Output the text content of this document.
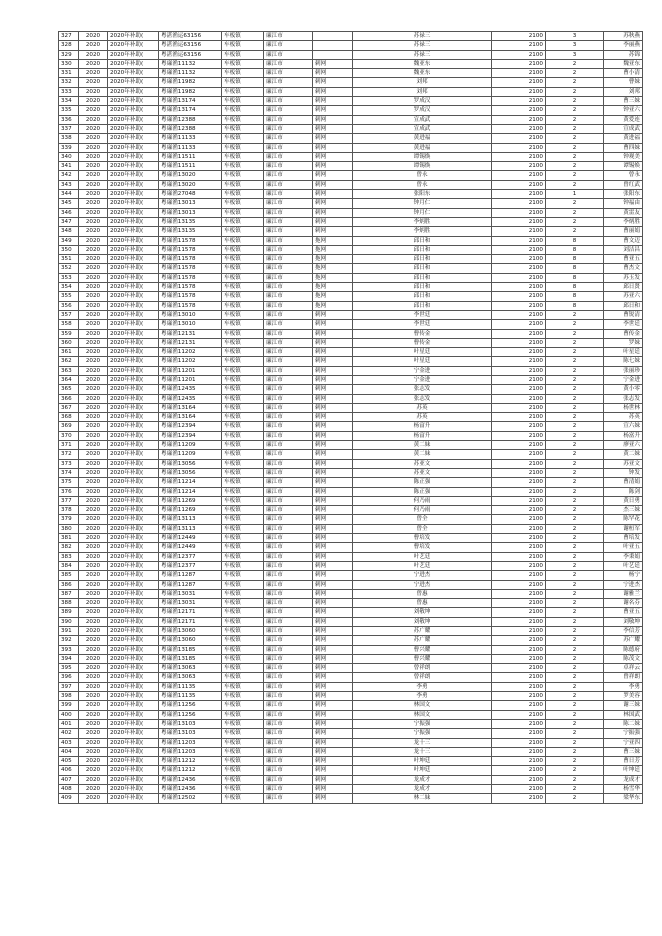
327	2020	2020年补助(	粤湛渔运63156	车板镇	廉江市		苏禄三	2100	3	苏秋燕
328	2020	2020年补助(	粤湛渔运63156	车板镇	廉江市		苏禄三	2100	3	李丽燕
329	2020	2020年补助(	粤湛渔运63156	车板镇	廉江市		苏禄三	2100	3	苏锦
330	2020	2020年补助(	粤廉渔11132	车板镇	廉江市	刺网	魏亚东	2100	2	魏亚东
331	2020	2020年补助(	粤廉渔11132	车板镇	廉江市	刺网	魏亚东	2100	2	曹小清
332	2020	2020年补助(	粤廉渔11982	车板镇	廉江市	刺网	刘邦	2100	2	曹妹
333	2020	2020年补助(	粤廉渔11982	车板镇	廉江市	刺网	刘邦	2100	2	刘邦
334	2020	2020年补助(	粤廉渔13174	车板镇	廉江市	刺网	罗成汉	2100	2	曹三妹
335	2020	2020年补助(	粤廉渔13174	车板镇	廉江市	刺网	罗成汉	2100	2	钟亚六
336	2020	2020年补助(	粤廉渔12388	车板镇	廉江市	刺网	宣成武	2100	2	黄爱连
337	2020	2020年补助(	粤廉渔12388	车板镇	廉江市	刺网	宣成武	2100	2	宣成武
338	2020	2020年补助(	粤廉渔11133	车板镇	廉江市	刺网	黄进福	2100	2	黄进福
339	2020	2020年补助(	粤廉渔11133	车板镇	廉江市	刺网	黄进福	2100	2	曹四妹
340	2020	2020年补助(	粤廉渔11511	车板镇	廉江市	刺网	谭锡焕	2100	2	钟观美
341	2020	2020年补助(	粤廉渔11511	车板镇	廉江市	刺网	谭锡焕	2100	2	谭锡焕
342	2020	2020年补助(	粤廉渔13020	车板镇	廉江市	刺网	曾永	2100	2	曾永
343	2020	2020年补助(	粤廉渔13020	车板镇	廉江市	刺网	曾永	2100	2	曾红武
344	2020	2020年补助(	粤廉渔27048	车板镇	廉江市	刺网	张阳东	2100	1	张阳东
345	2020	2020年补助(	粤廉渔13013	车板镇	廉江市	刺网	钟月仁	2100	2	钟福由
346	2020	2020年补助(	粤廉渔13013	车板镇	廉江市	刺网	钟月仁	2100	2	黄雷友
347	2020	2020年补助(	粤廉渔13135	车板镇	廉江市	刺网	李炳胜	2100	2	李炳胜
348	2020	2020年补助(	粤廉渔13135	车板镇	廉江市	刺网	李炳胜	2100	2	曹丽娟
349	2020	2020年补助(	粤廉渔11578	车板镇	廉江市	拖网	邱日和	2100	8	曹文迈
350	2020	2020年补助(	粤廉渔11578	车板镇	廉江市	拖网	邱日和	2100	8	刘洁昌
351	2020	2020年补助(	粤廉渔11578	车板镇	廉江市	拖网	邱日和	2100	8	曹亚五
352	2020	2020年补助(	粤廉渔11578	车板镇	廉江市	拖网	邱日和	2100	8	曹杰文
353	2020	2020年补助(	粤廉渔11578	车板镇	廉江市	拖网	邱日和	2100	8	苏玉发
354	2020	2020年补助(	粤廉渔11578	车板镇	廉江市	拖网	邱日和	2100	8	邱日贤
355	2020	2020年补助(	粤廉渔11578	车板镇	廉江市	拖网	邱日和	2100	8	苏亚六
356	2020	2020年补助(	粤廉渔11578	车板镇	廉江市	拖网	邱日和	2100	8	邱日和
357	2020	2020年补助(	粤廉渔13010	车板镇	廉江市	刺网	李世廷	2100	2	曹锐清
358	2020	2020年补助(	粤廉渔13010	车板镇	廉江市	刺网	李世廷	2100	2	李世廷
359	2020	2020年补助(	粤廉渔12131	车板镇	廉江市	刺网	曹传金	2100	2	曹传金
360	2020	2020年补助(	粤廉渔12131	车板镇	廉江市	刺网	曹传金	2100	2	罗妹
361	2020	2020年补助(	粤廉渔11202	车板镇	廉江市	刺网	叶星廷	2100	2	叶星廷
362	2020	2020年补助(	粤廉渔11202	车板镇	廉江市	刺网	叶星廷	2100	2	陈七妹
363	2020	2020年补助(	粤廉渔11201	车板镇	廉江市	刺网	宁金进	2100	2	张丽珍
364	2020	2020年补助(	粤廉渔11201	车板镇	廉江市	刺网	宁金进	2100	2	宁金进
365	2020	2020年补助(	粤廉渔12435	车板镇	廉江市	刺网	张志发	2100	2	黄小零
366	2020	2020年补助(	粤廉渔12435	车板镇	廉江市	刺网	张志发	2100	2	张志发
367	2020	2020年补助(	粤廉渔13164	车板镇	廉江市	刺网	苏英	2100	2	杨世林
368	2020	2020年补助(	粤廉渔13164	车板镇	廉江市	刺网	苏英	2100	2	苏英
369	2020	2020年补助(	粤廉渔12394	车板镇	廉江市	刺网	杨富升	2100	2	宣六妹
370	2020	2020年补助(	粤廉渔12394	车板镇	廉江市	刺网	杨富升	2100	2	杨富升
371	2020	2020年补助(	粤廉渔11209	车板镇	廉江市	刺网	黄二妹	2100	2	廖亚六
372	2020	2020年补助(	粤廉渔11209	车板镇	廉江市	刺网	黄二妹	2100	2	黄二妹
373	2020	2020年补助(	粤廉渔13056	车板镇	廉江市	刺网	苏亚文	2100	2	苏亚文
374	2020	2020年补助(	粤廉渔13056	车板镇	廉江市	刺网	苏亚文	2100	2	钟发
375	2020	2020年补助(	粤廉渔11214	车板镇	廉江市	刺网	陈正强	2100	2	曹清娟
376	2020	2020年补助(	粤廉渔11214	车板镇	廉江市	刺网	陈正强	2100	2	陈剑
377	2020	2020年补助(	粤廉渔11269	车板镇	廉江市	刺网	何乃雨	2100	2	黄日勇
378	2020	2020年补助(	粤廉渔11269	车板镇	廉江市	刺网	何乃雨	2100	2	杰三妹
379	2020	2020年补助(	粤廉渔13113	车板镇	廉江市	刺网	曾全	2100	2	陈罕花
380	2020	2020年补助(	粤廉渔13113	车板镇	廉江市	刺网	曾全	2100	2	谢桓军
381	2020	2020年补助(	粤廉渔12449	车板镇	廉江市	刺网	曹培发	2100	2	曹培发
382	2020	2020年补助(	粤廉渔12449	车板镇	廉江市	刺网	曹培发	2100	2	叶亚五
383	2020	2020年补助(	粤廉渔12377	车板镇	廉江市	刺网	叶艺廷	2100	2	李秉娟
384	2020	2020年补助(	粤廉渔12377	车板镇	廉江市	刺网	叶艺廷	2100	2	叶艺廷
385	2020	2020年补助(	粤廉渔11287	车板镇	廉江市	刺网	宁进杰	2100	2	杨宁
386	2020	2020年补助(	粤廉渔11287	车板镇	廉江市	刺网	宁进杰	2100	2	宁进杰
387	2020	2020年补助(	粤廉渔13031	车板镇	廉江市	刺网	曾惠	2100	2	谢雅兰
388	2020	2020年补助(	粤廉渔13031	车板镇	廉江市	刺网	曾惠	2100	2	谢名芬
389	2020	2020年补助(	粤廉渔12171	车板镇	廉江市	刺网	刘敬坤	2100	2	曹亚五
390	2020	2020年补助(	粤廉渔12171	车板镇	廉江市	刺网	刘敬坤	2100	2	刘敬坤
391	2020	2020年补助(	粤廉渔13060	车板镇	廉江市	刺网	苏广耀	2100	2	李信芳
392	2020	2020年补助(	粤廉渔13060	车板镇	廉江市	刺网	苏广耀	2100	2	苏广耀
393	2020	2020年补助(	粤廉渔13185	车板镇	廉江市	刺网	曹兴耀	2100	2	陈德府
394	2020	2020年补助(	粤廉渔13185	车板镇	廉江市	刺网	曹兴耀	2100	2	陈茂文
395	2020	2020年补助(	粤廉渔13063	车板镇	廉江市	刺网	曾祥朗	2100	2	卓祥云
396	2020	2020年补助(	粤廉渔13063	车板镇	廉江市	刺网	曾祥朗	2100	2	曾祥朗
397	2020	2020年补助(	粤廉渔11135	车板镇	廉江市	刺网	李勇	2100	2	李勇
398	2020	2020年补助(	粤廉渔11135	车板镇	廉江市	刺网	李勇	2100	2	罗美容
399	2020	2020年补助(	粤廉渔11256	车板镇	廉江市	刺网	林国文	2100	2	谢三妹
400	2020	2020年补助(	粤廉渔11256	车板镇	廉江市	刺网	林国文	2100	2	林国武
401	2020	2020年补助(	粤廉渔13103	车板镇	廉江市	刺网	宁振强	2100	2	陈二妹
402	2020	2020年补助(	粤廉渔13103	车板镇	廉江市	刺网	宁振强	2100	2	宁振强
403	2020	2020年补助(	粤廉渔11203	车板镇	廉江市	刺网	龙十三	2100	2	宁亚四
404	2020	2020年补助(	粤廉渔11203	车板镇	廉江市	刺网	龙十三	2100	2	曹三妹
405	2020	2020年补助(	粤廉渔11212	车板镇	廉江市	刺网	叶坤廷	2100	2	曹日芳
406	2020	2020年补助(	粤廉渔11212	车板镇	廉江市	刺网	叶坤廷	2100	2	叶坤廷
407	2020	2020年补助(	粤廉渔12436	车板镇	廉江市	刺网	龙成才	2100	2	龙成才
408	2020	2020年补助(	粤廉渔12436	车板镇	廉江市	刺网	龙成才	2100	2	杨雪华
409	2020	2020年补助(	粤廉渔12502	车板镇	廉江市	刺网	林二妹	2100	2	梁华东
